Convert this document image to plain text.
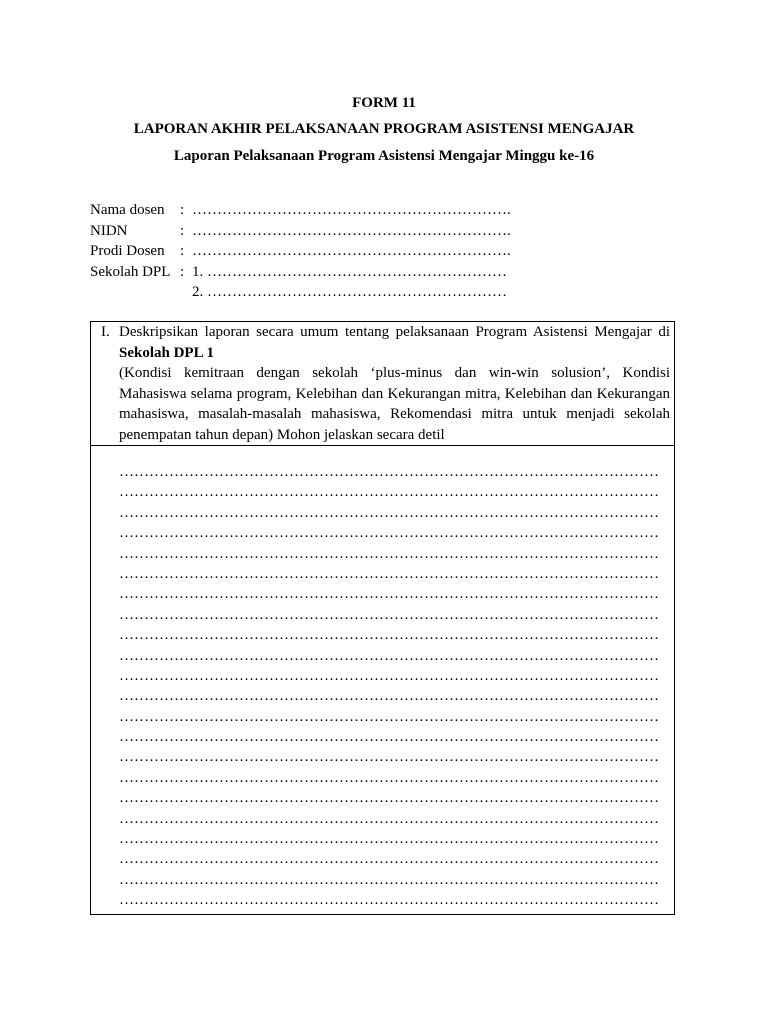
FORM 11
LAPORAN AKHIR PELAKSANAAN PROGRAM ASISTENSI MENGAJAR
Laporan Pelaksanaan Program Asistensi Mengajar Minggu ke-16
Nama dosen : ……………………………………………………….
NIDN	: ……………………………………………………….
Prodi Dosen : ……………………………………………………….
Sekolah DPL : 1. ……………………………………………………
2. ……………………………………………………
I. Deskripsikan laporan secara umum tentang pelaksanaan Program Asistensi Mengajar di
Sekolah DPL 1
(Kondisi kemitraan dengan sekolah ‘plus-minus dan win-win solusion’, Kondisi
Mahasiswa selama program, Kelebihan dan Kekurangan mitra, Kelebihan dan Kekurangan
mahasiswa, masalah-masalah mahasiswa, Rekomendasi mitra untuk menjadi sekolah
penempatan tahun depan) Mohon jelaskan secara detil
………………………………………………………………………………………………
………………………………………………………………………………………………
………………………………………………………………………………………………
………………………………………………………………………………………………
………………………………………………………………………………………………
………………………………………………………………………………………………
………………………………………………………………………………………………
………………………………………………………………………………………………
………………………………………………………………………………………………
………………………………………………………………………………………………
………………………………………………………………………………………………
………………………………………………………………………………………………
………………………………………………………………………………………………
………………………………………………………………………………………………
………………………………………………………………………………………………
………………………………………………………………………………………………
………………………………………………………………………………………………
………………………………………………………………………………………………
………………………………………………………………………………………………
………………………………………………………………………………………………
………………………………………………………………………………………………
………………………………………………………………………………………………
